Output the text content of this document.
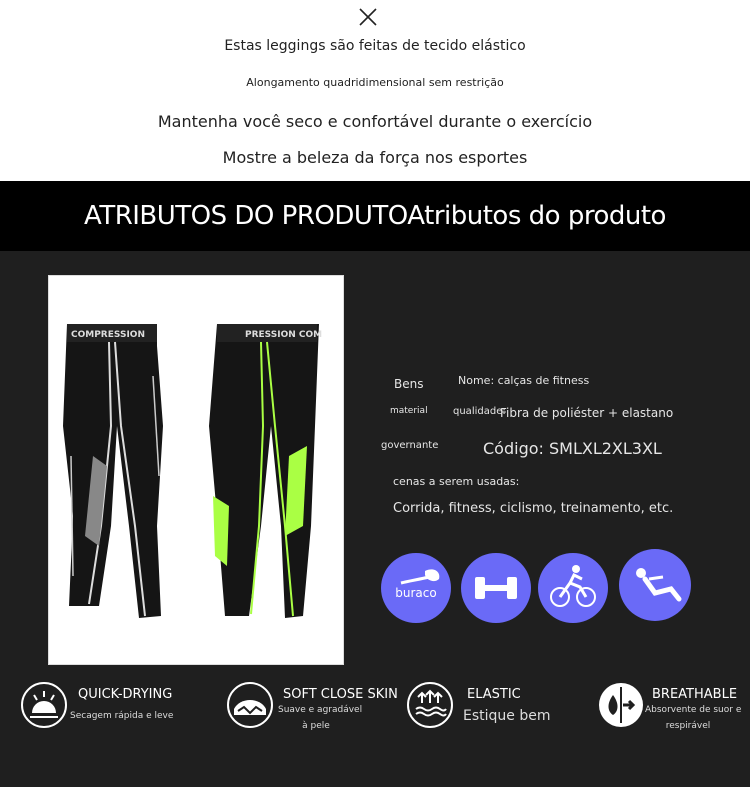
Estas leggings são feitas de tecido elástico
Alongamento quadridimensional sem restrição
Mantenha você seco e confortável durante o exercício
Mostre a beleza da força nos esportes
ATRIBUTOS DO PRODUTOAtributos do produto
COMPRESSION	PRESSION COM
Bens	Nome: calças de fitness
material	qualidade:
Fibra de poliéster + elastano
governante	Código: SMLXL2XL3XL
cenas a serem usadas:
Corrida, fitness, ciclismo, treinamento, etc.
buraco
QUICK-DRYING
Secagem rápida e leve
SOFT CLOSE SKIN
Suave e agradável
à pele
ELASTIC
Estique bem
BREATHABLE
Absorvente de suor e
respirável
